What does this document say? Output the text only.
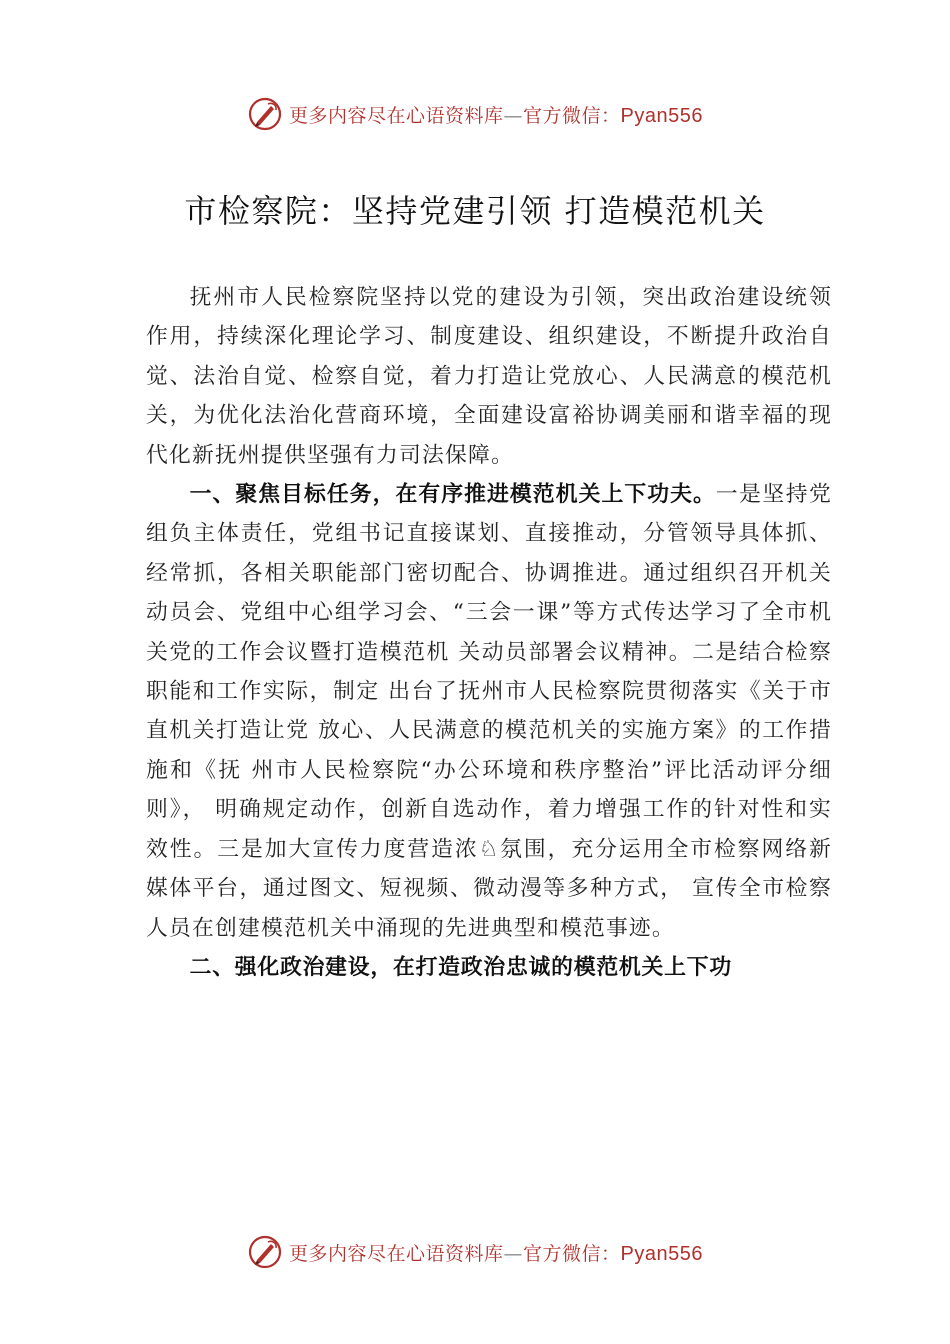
更多内容尽在心语资料库—官方微信：Pyan556
市检察院：坚持党建引领 打造模范机关

抚州市人民检察院坚持以党的建设为引领，突出政治建设统领作用，持续深化理论学习、制度建设、组织建设，不断提升政治自觉、法治自觉、检察自觉，着力打造让党放心、人民满意的模范机关，为优化法治化营商环境，全面建设富裕协调美丽和谐幸福的现代化新抚州提供坚强有力司法保障。

一、聚焦目标任务，在有序推进模范机关上下功夫。一是坚持党组负主体责任，党组书记直接谋划、直接推动，分管领导具体抓、经常抓，各相关职能部门密切配合、协调推进。通过组织召开机关动员会、党组中心组学习会、“三会一课”等方式传达学习了全市机关党的工作会议暨打造模范机 关动员部署会议精神。二是结合检察职能和工作实际，制定 出台了抚州市人民检察院贯彻落实《关于市直机关打造让党 放心、人民满意的模范机关的实施方案》的工作措施和《抚 州市人民检察院“办公环境和秩序整治”评比活动评分细则》， 明确规定动作，创新自选动作，着力增强工作的针对性和实效性。三是加大宣传力度营造浓♘氛围，充分运用全市检察网络新媒体平台，通过图文、短视频、微动漫等多种方式， 宣传全市检察人员在创建模范机关中涌现的先进典型和模范事迹。

二、强化政治建设，在打造政治忠诚的模范机关上下功

更多内容尽在心语资料库—官方微信：Pyan556
